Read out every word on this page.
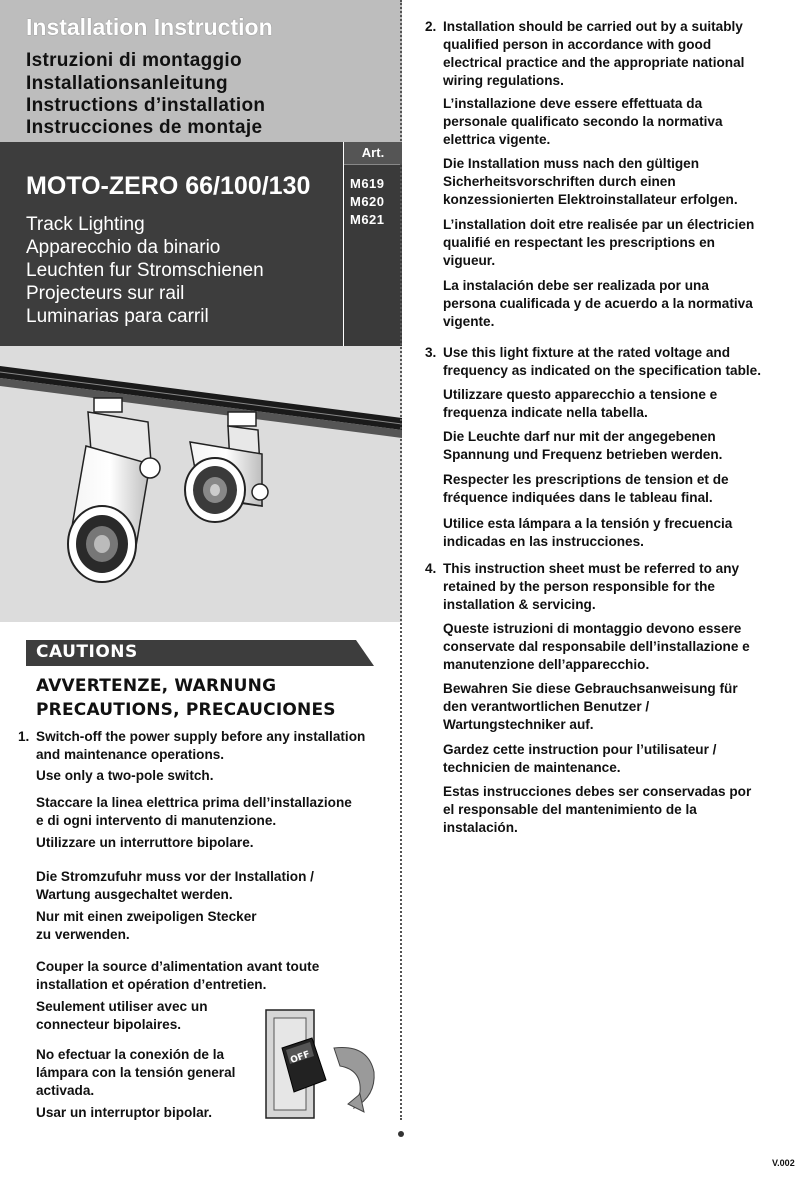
Installation Instruction
Istruzioni di montaggio
Installationsanleitung
Instructions d’installation
Instrucciones de montaje
MOTO-ZERO 66/100/130
Track Lighting
Apparecchio da binario
Leuchten fur Stromschienen
Projecteurs sur rail
Luminarias para carril
Art.
M619
M620
M621
CAUTIONS
AVVERTENZE, WARNUNG
PRECAUTIONS, PRECAUCIONES
1. Switch-off the power supply before any installation
and maintenance operations.
Use only a two-pole switch.
Staccare la linea elettrica prima dell’installazione
e di ogni intervento di manutenzione.
Utilizzare un interruttore bipolare.
Die Stromzufuhr muss vor der Installation /
Wartung ausgechaltet werden.
Nur mit einen zweipoligen Stecker
zu verwenden.
Couper la source d’alimentation avant toute
installation et opération d’entretien.
Seulement utiliser avec un
connecteur bipolaires.
No efectuar la conexión de la
lámpara con la tensión general
activada.
Usar un interruptor bipolar.
OFF
2. Installation should be carried out by a suitably
qualified person in accordance with good
electrical practice and the appropriate national
wiring regulations.
L’installazione deve essere effettuata da
personale qualificato secondo la normativa
elettrica vigente.
Die Installation muss nach den gültigen
Sicherheitsvorschriften durch einen
konzessionierten Elektroinstallateur erfolgen.
L’installation doit etre realisée par un électricien
qualifié en respectant les prescriptions en
vigueur.
La instalación debe ser realizada por una
persona cualificada y de acuerdo a la normativa
vigente.
3. Use this light fixture at the rated voltage and
frequency as indicated on the specification table.
Utilizzare questo apparecchio a tensione e
frequenza indicate nella tabella.
Die Leuchte darf nur mit der angegebenen
Spannung und Frequenz betrieben werden.
Respecter les prescriptions de tension et de
fréquence indiquées dans le tableau final.
Utilice esta lámpara a la tensión y frecuencia
indicadas en las instrucciones.
4. This instruction sheet must be referred to any
retained by the person responsible for the
installation & servicing.
Queste istruzioni di montaggio devono essere
conservate dal responsabile dell’installazione e
manutenzione dell’apparecchio.
Bewahren Sie diese Gebrauchsanweisung für
den verantwortlichen Benutzer /
Wartungstechniker auf.
Gardez cette instruction pour l’utilisateur /
technicien de maintenance.
Estas instrucciones debes ser conservadas por
el responsable del mantenimiento de la
instalación.
V.002
